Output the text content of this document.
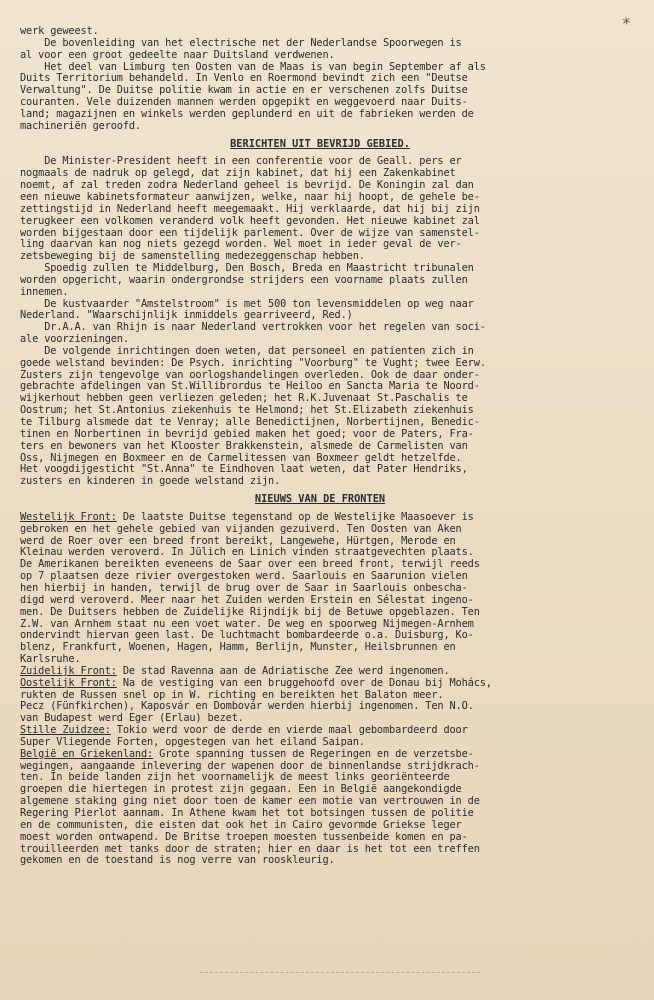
*

werk geweest.

De bovenleiding van het electrische net der Nederlandse Spoorwegen is

al voor een groot gedeelte naar Duitsland verdwenen.

Het deel van Limburg ten Oosten van de Maas is van begin September af als

Duits Territorium behandeld. In Venlo en Roermond bevindt zich een "Deutse

Verwaltung". De Duitse politie kwam in actie en er verschenen zolfs Duitse

couranten. Vele duizenden mannen werden opgepikt en weggevoerd naar Duits-

land; magazijnen en winkels werden geplunderd en uit de fabrieken werden de

machineriën geroofd.

BERICHTEN UIT BEVRIJD GEBIED.

De Minister-President heeft in een conferentie voor de Geall. pers er

nogmaals de nadruk op gelegd, dat zijn kabinet, dat hij een Zakenkabinet

noemt, af zal treden zodra Nederland geheel is bevrijd. De Koningin zal dan

een nieuwe kabinetsformateur aanwijzen, welke, naar hij hoopt, de gehele be-

zettingstijd in Nederland heeft meegemaakt. Hij verklaarde, dat hij bij zijn

terugkeer een volkomen veranderd volk heeft gevonden. Het nieuwe kabinet zal

worden bijgestaan door een tijdelijk parlement. Over de wijze van samenstel-

ling daarvan kan nog niets gezegd worden. Wel moet in ieder geval de ver-

zetsbeweging bij de samenstelling medezeggenschap hebben.

Spoedig zullen te Middelburg, Den Bosch, Breda en Maastricht tribunalen

worden opgericht, waarin ondergrondse strijders een voorname plaats zullen

innemen.

De kustvaarder "Amstelstroom" is met 500 ton levensmiddelen op weg naar

Nederland. "Waarschijnlijk inmiddels gearriveerd, Red.)

Dr.A.A. van Rhijn is naar Nederland vertrokken voor het regelen van soci-

ale voorzieningen.

De volgende inrichtingen doen weten, dat personeel en patienten zich in

goede welstand bevinden: De Psych. inrichting "Voorburg" te Vught; twee Eerw.

Zusters zijn tengevolge van oorlogshandelingen overleden. Ook de daar onder-

gebrachte afdelingen van St.Willibrordus te Heiloo en Sancta Maria te Noord-

wijkerhout hebben geen verliezen geleden; het R.K.Juvenaat St.Paschalis te

Oostrum; het St.Antonius ziekenhuis te Helmond; het St.Elizabeth ziekenhuis

te Tilburg alsmede dat te Venray; alle Benedictijnen, Norbertijnen, Benedic-

tinen en Norbertinen in bevrijd gebied maken het goed; voor de Paters, Fra-

ters en bewoners van het Klooster Brakkenstein, alsmede de Carmelisten van

Oss, Nijmegen en Boxmeer en de Carmelitessen van Boxmeer geldt hetzelfde.

Het voogdijgesticht "St.Anna" te Eindhoven laat weten, dat Pater Hendriks,

zusters en kinderen in goede welstand zijn.

NIEUWS VAN DE FRONTEN

Westelijk Front: De laatste Duitse tegenstand op de Westelijke Maasoever is

gebroken en het gehele gebied van vijanden gezuiverd. Ten Oosten van Aken

werd de Roer over een breed front bereikt, Langewehe, Hürtgen, Merode en

Kleinau werden veroverd. In Jülich en Linich vinden straatgevechten plaats.

De Amerikanen bereikten eveneens de Saar over een breed front, terwijl reeds

op 7 plaatsen deze rivier overgestoken werd. Saarlouis en Saarunion vielen

hen hierbij in handen, terwijl de brug over de Saar in Saarlouis onbescha-

digd werd veroverd. Meer naar het Zuiden werden Erstein en Sélestat ingeno-

men. De Duitsers hebben de Zuidelijke Rijndijk bij de Betuwe opgeblazen. Ten

Z.W. van Arnhem staat nu een voet water. De weg en spoorweg Nijmegen-Arnhem

ondervindt hiervan geen last. De luchtmacht bombardeerde o.a. Duisburg, Ko-

blenz, Frankfurt, Woenen, Hagen, Hamm, Berlijn, Munster, Heilsbrunnen en

Karlsruhe.

Zuidelijk Front: De stad Ravenna aan de Adriatische Zee werd ingenomen.

Oostelijk Front: Na de vestiging van een bruggehoofd over de Donau bij Mohács,

rukten de Russen snel op in W. richting en bereikten het Balaton meer.

Pecz (Fünfkirchen), Kaposvár en Dombovár werden hierbij ingenomen. Ten N.O.

van Budapest werd Eger (Erlau) bezet.

Stille Zuidzee: Tokio werd voor de derde en vierde maal gebombardeerd door

Super Vliegende Forten, opgestegen van het eiland Saipan.

België en Griekenland: Grote spanning tussen de Regeringen en de verzetsbe-

wegingen, aangaande inlevering der wapenen door de binnenlandse strijdkrach-

ten. In beide landen zijn het voornamelijk de meest links georiënteerde

groepen die hiertegen in protest zijn gegaan. Een in België aangekondigde

algemene staking ging niet door toen de kamer een motie van vertrouwen in de

Regering Pierlot aannam. In Athene kwam het tot botsingen tussen de politie

en de communisten, die eisten dat ook het in Cairo gevormde Griekse leger

moest worden ontwapend. De Britse troepen moesten tussenbeide komen en pa-

trouilleerden met tanks door de straten; hier en daar is het tot een treffen

gekomen en de toestand is nog verre van rooskleurig.
